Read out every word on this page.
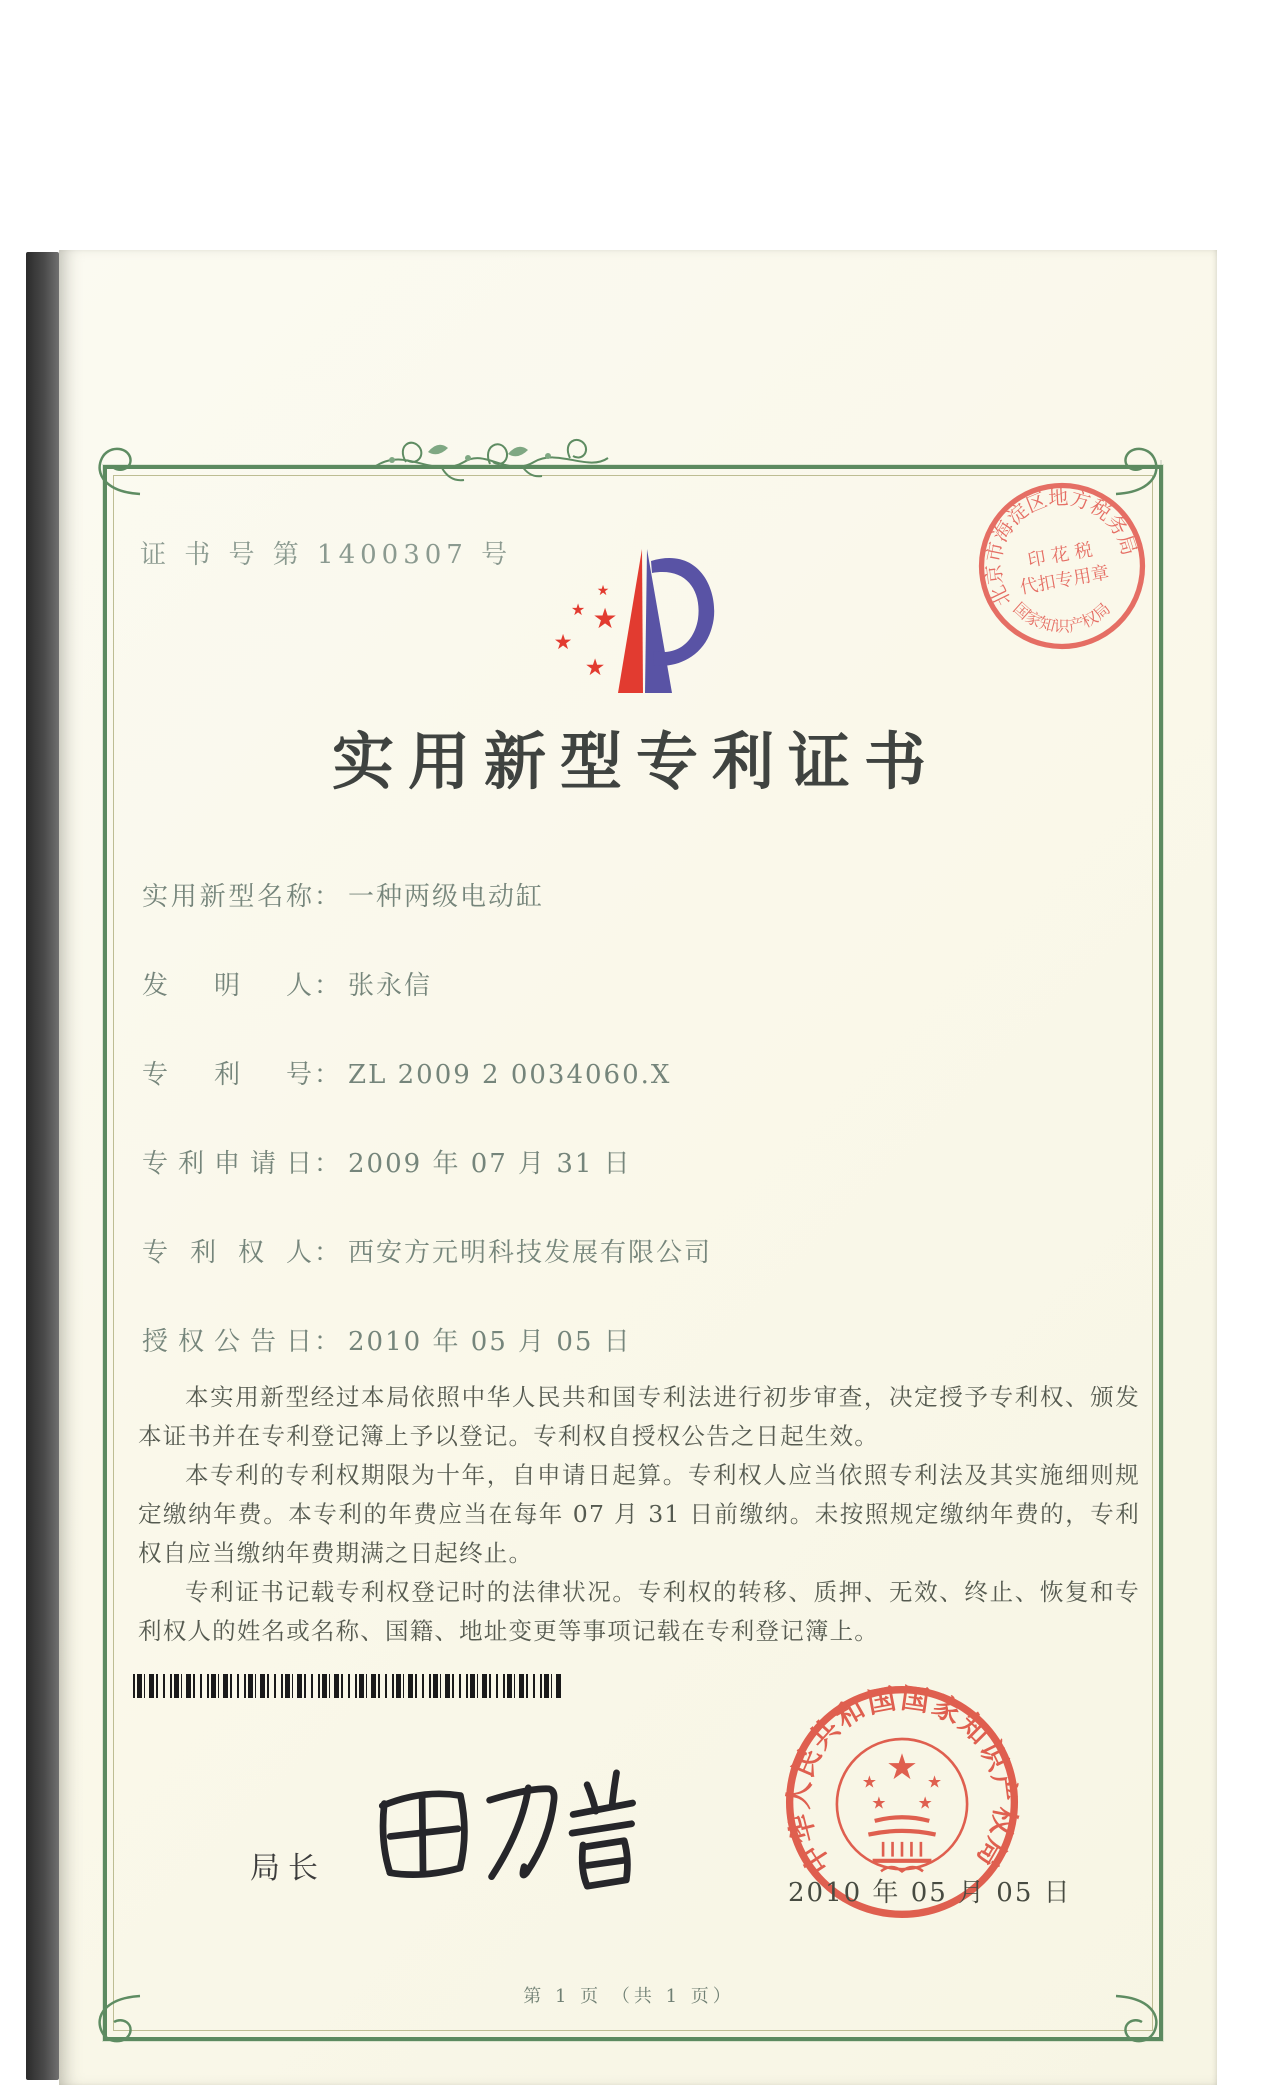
证 书 号 第 1400307 号
★
★ ★
★
★
实用新型专利证书
北京市海淀区地方税务局
国家知识产权局
印 花 税
代扣专用章
实用新型名称： 一种两级电动缸
发明人： 张永信
专利号： ZL 2009 2 0034060.X
专利申请日： 2009 年 07 月 31 日
专利权人： 西安方元明科技发展有限公司
授权公告日： 2010 年 05 月 05 日

本实用新型经过本局依照中华人民共和国专利法进行初步审查，决定授予专利权、颁发本证书并在专利登记簿上予以登记。专利权自授权公告之日起生效。

本专利的专利权期限为十年，自申请日起算。专利权人应当依照专利法及其实施细则规定缴纳年费。本专利的年费应当在每年 07 月 31 日前缴纳。未按照规定缴纳年费的，专利权自应当缴纳年费期满之日起终止。

专利证书记载专利权登记时的法律状况。专利权的转移、质押、无效、终止、恢复和专利权人的姓名或名称、国籍、地址变更等事项记载在专利登记簿上。

局长	中华人民共和国国家知识产权局
★
★	★
★ ★
2010 年 05 月 05 日
第 1 页 （共 1 页）
